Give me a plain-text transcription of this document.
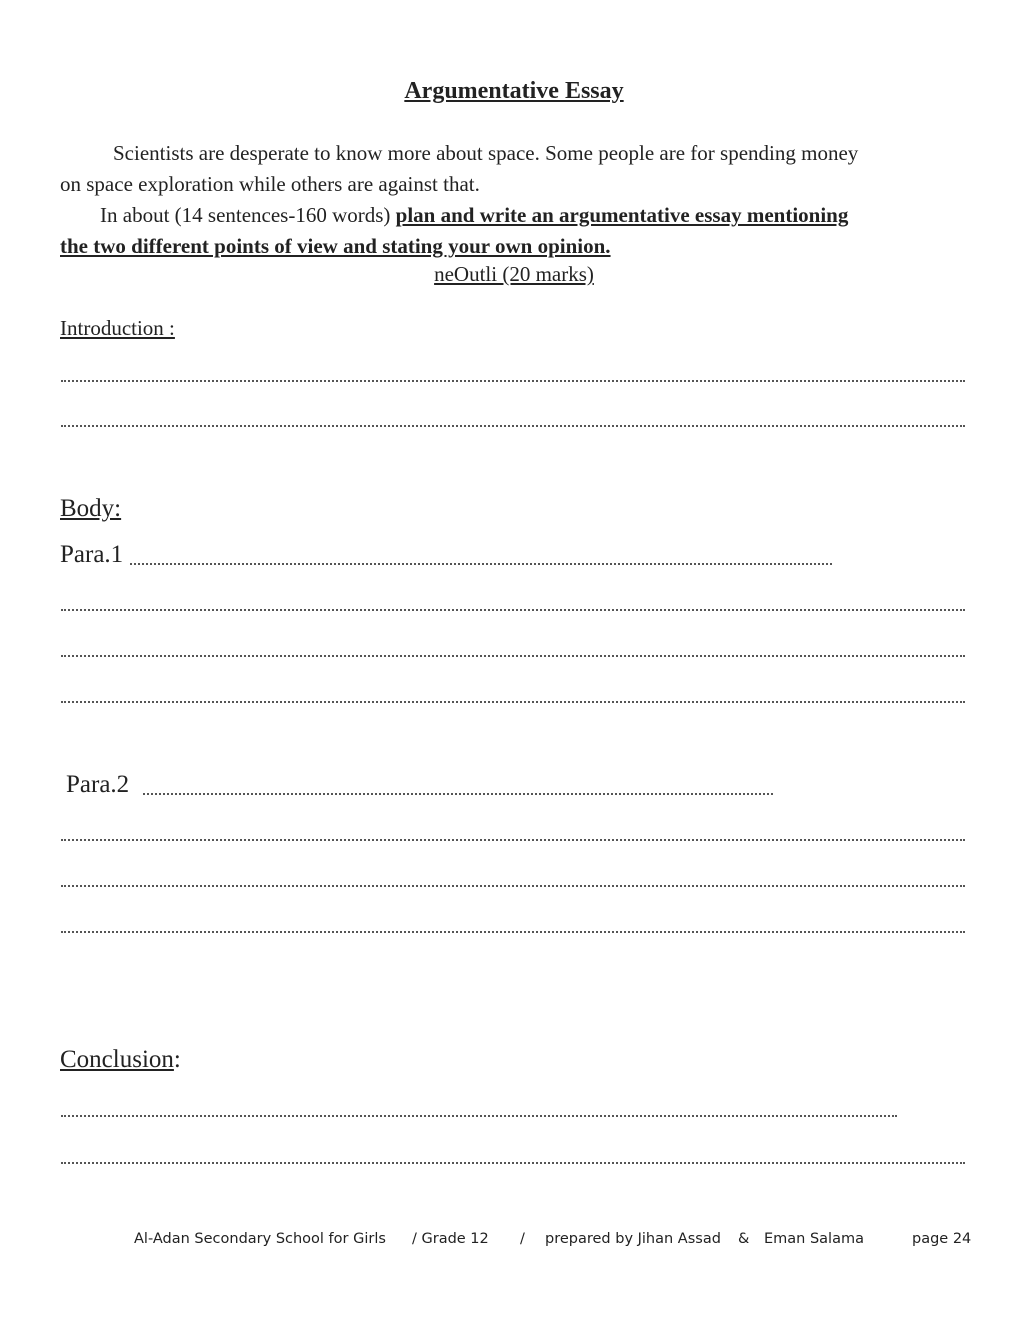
Argumentative Essay
Scientists are desperate to know more about space. Some people are for spending money
on space exploration while others are against that.
In about (14 sentences-160 words) plan and write an argumentative essay mentioning
the two different points of view and stating your own opinion.
neOutli (20 marks)
Introduction :
Body:
Para.1
Para.2
Conclusion:
Al-Adan Secondary School for Girls / Grade 12 / prepared by Jihan Assad & Eman Salama	page 24
